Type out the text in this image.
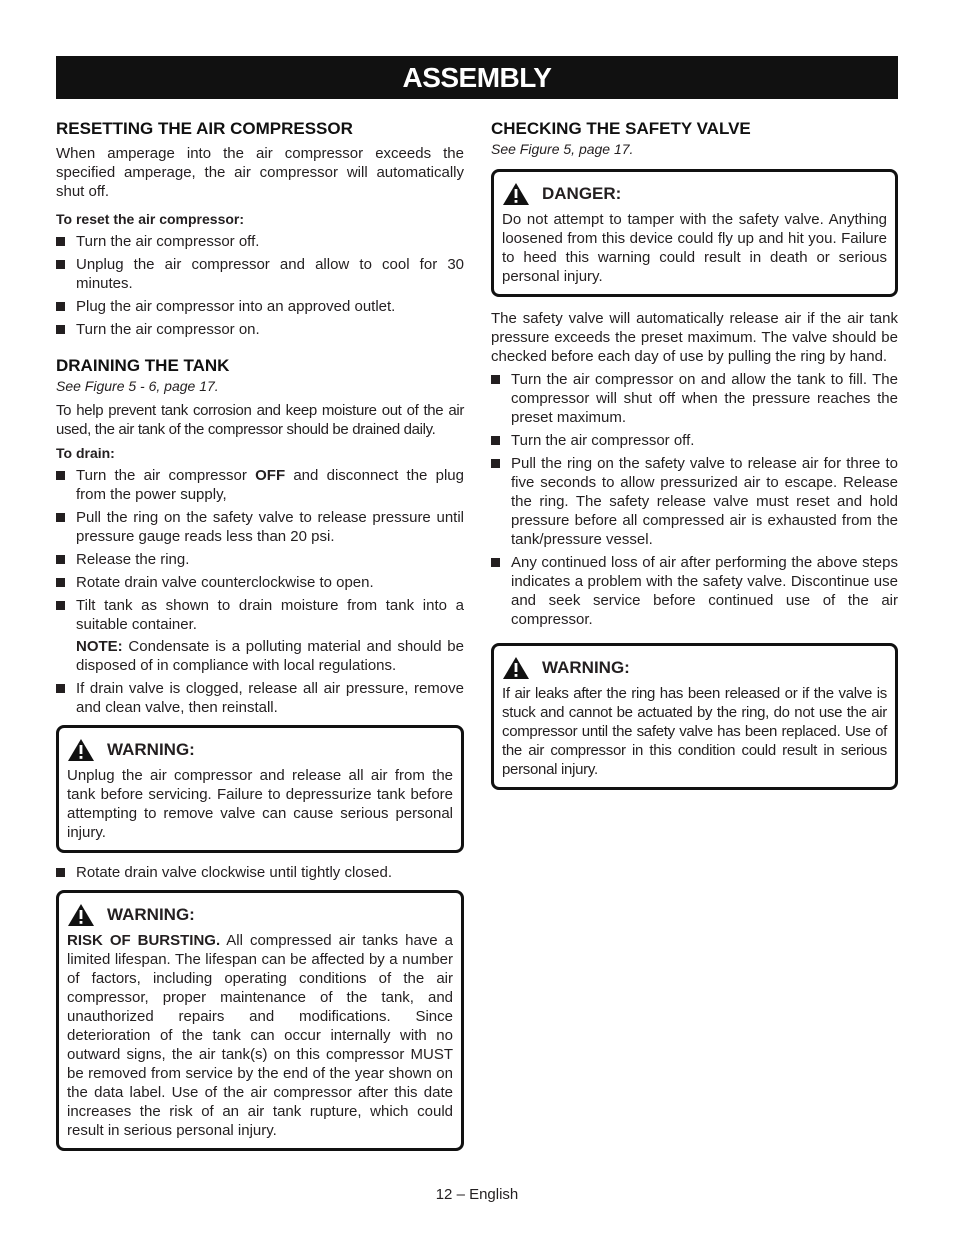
ASSEMBLY
RESETTING THE AIR COMPRESSOR

When amperage into the air compressor exceeds the specified amperage, the air compressor will automatically shut off.

To reset the air compressor:
Turn the air compressor off.
Unplug the air compressor and allow to cool for 30 minutes.
Plug the air compressor into an approved outlet.
Turn the air compressor on.
DRAINING THE TANK
See Figure 5 - 6, page 17.

To help prevent tank corrosion and keep moisture out of the air used, the air tank of the compressor should be drained daily.

To drain:
Turn the air compressor OFF and disconnect the plug from the power supply,
Pull the ring on the safety valve to release pressure until pressure gauge reads less than 20 psi.
Release the ring.
Rotate drain valve counterclockwise to open.
Tilt tank as shown to drain moisture from tank into a suitable container.
NOTE: Condensate is a polluting material and should be disposed of in compliance with local regulations.
If drain valve is clogged, release all air pressure, remove and clean valve, then reinstall.
WARNING:

Unplug the air compressor and release all air from the tank before servicing. Failure to depressurize tank before attempting to remove valve can cause serious personal injury.

Rotate drain valve clockwise until tightly closed.
WARNING:

RISK OF BURSTING. All compressed air tanks have a limited lifespan. The lifespan can be affected by a number of factors, including operating conditions of the air compressor, proper maintenance of the tank, and unauthorized repairs and modifications. Since deterioration of the tank can occur internally with no outward signs, the air tank(s) on this compressor MUST be removed from service by the end of the year shown on the data label. Use of the air compressor after this date increases the risk of an air tank rupture, which could result in serious personal injury.

CHECKING THE SAFETY VALVE
See Figure 5, page 17.
DANGER:

Do not attempt to tamper with the safety valve. Anything loosened from this device could fly up and hit you. Failure to heed this warning could result in death or serious personal injury.

The safety valve will automatically release air if the air tank pressure exceeds the preset maximum. The valve should be checked before each day of use by pulling the ring by hand.

Turn the air compressor on and allow the tank to fill. The compressor will shut off when the pressure reaches the preset maximum.
Turn the air compressor off.
Pull the ring on the safety valve to release air for three to five seconds to allow pressurized air to escape. Release the ring. The safety release valve must reset and hold pressure before all compressed air is exhausted from the tank/pressure vessel.
Any continued loss of air after performing the above steps indicates a problem with the safety valve. Discontinue use and seek service before continued use of the air compressor.
WARNING:

If air leaks after the ring has been released or if the valve is stuck and cannot be actuated by the ring, do not use the air compressor until the safety valve has been replaced. Use of the air compressor in this condition could result in serious personal injury.

12 – English
